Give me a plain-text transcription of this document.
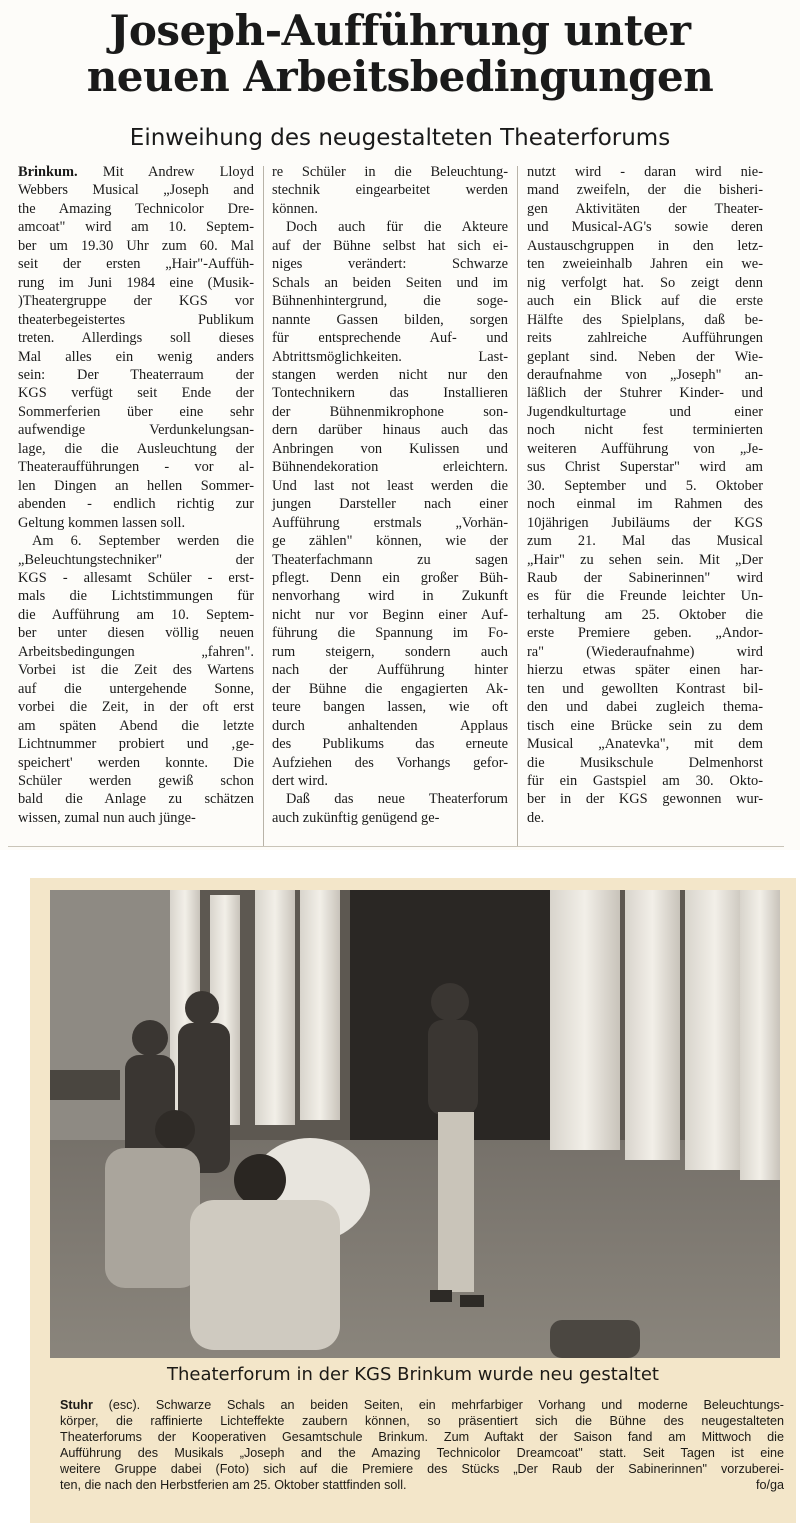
Joseph-Aufführung unter
neuen Arbeitsbedingungen
Einweihung des neugestalteten Theaterforums
Brinkum. Mit Andrew Lloyd
Webbers Musical „Joseph and
the Amazing Technicolor Dre-
amcoat" wird am 10. Septem-
ber um 19.30 Uhr zum 60. Mal
seit der ersten „Hair"-Auffüh-
rung im Juni 1984 eine (Musik-
)Theatergruppe der KGS vor
theaterbegeistertes Publikum
treten. Allerdings soll dieses
Mal alles ein wenig anders
sein: Der Theaterraum der
KGS verfügt seit Ende der
Sommerferien über eine sehr
aufwendige Verdunkelungsan-
lage, die die Ausleuchtung der
Theateraufführungen - vor al-
len Dingen an hellen Sommer-
abenden - endlich richtig zur
Geltung kommen lassen soll.
Am 6. September werden die
„Beleuchtungstechniker" der
KGS - allesamt Schüler - erst-
mals die Lichtstimmungen für
die Aufführung am 10. Septem-
ber unter diesen völlig neuen
Arbeitsbedingungen „fahren".
Vorbei ist die Zeit des Wartens
auf die untergehende Sonne,
vorbei die Zeit, in der oft erst
am späten Abend die letzte
Lichtnummer probiert und ‚ge-
speichert' werden konnte. Die
Schüler werden gewiß schon
bald die Anlage zu schätzen
wissen, zumal nun auch jünge-
re Schüler in die Beleuchtung-
stechnik eingearbeitet werden
können.
Doch auch für die Akteure
auf der Bühne selbst hat sich ei-
niges verändert: Schwarze
Schals an beiden Seiten und im
Bühnenhintergrund, die soge-
nannte Gassen bilden, sorgen
für entsprechende Auf- und
Abtrittsmöglichkeiten. Last-
stangen werden nicht nur den
Tontechnikern das Installieren
der Bühnenmikrophone son-
dern darüber hinaus auch das
Anbringen von Kulissen und
Bühnendekoration erleichtern.
Und last not least werden die
jungen Darsteller nach einer
Aufführung erstmals „Vorhän-
ge zählen" können, wie der
Theaterfachmann zu sagen
pflegt. Denn ein großer Büh-
nenvorhang wird in Zukunft
nicht nur vor Beginn einer Auf-
führung die Spannung im Fo-
rum steigern, sondern auch
nach der Aufführung hinter
der Bühne die engagierten Ak-
teure bangen lassen, wie oft
durch anhaltenden Applaus
des Publikums das erneute
Aufziehen des Vorhangs gefor-
dert wird.
Daß das neue Theaterforum
auch zukünftig genügend ge-
nutzt wird - daran wird nie-
mand zweifeln, der die bisheri-
gen Aktivitäten der Theater-
und Musical-AG's sowie deren
Austauschgruppen in den letz-
ten zweieinhalb Jahren ein we-
nig verfolgt hat. So zeigt denn
auch ein Blick auf die erste
Hälfte des Spielplans, daß be-
reits zahlreiche Aufführungen
geplant sind. Neben der Wie-
deraufnahme von „Joseph" an-
läßlich der Stuhrer Kinder- und
Jugendkulturtage und einer
noch nicht fest terminierten
weiteren Aufführung von „Je-
sus Christ Superstar" wird am
30. September und 5. Oktober
noch einmal im Rahmen des
10jährigen Jubiläums der KGS
zum 21. Mal das Musical
„Hair" zu sehen sein. Mit „Der
Raub der Sabinerinnen" wird
es für die Freunde leichter Un-
terhaltung am 25. Oktober die
erste Premiere geben. „Andor-
ra" (Wiederaufnahme) wird
hierzu etwas später einen har-
ten und gewollten Kontrast bil-
den und dabei zugleich thema-
tisch eine Brücke sein zu dem
Musical „Anatevka", mit dem
die Musikschule Delmenhorst
für ein Gastspiel am 30. Okto-
ber in der KGS gewonnen wur-
de.
Theaterforum in der KGS Brinkum wurde neu gestaltet
Stuhr (esc). Schwarze Schals an beiden Seiten, ein mehrfarbiger Vorhang und moderne Beleuchtungs-
körper, die raffinierte Lichteffekte zaubern können, so präsentiert sich die Bühne des neugestalteten
Theaterforums der Kooperativen Gesamtschule Brinkum. Zum Auftakt der Saison fand am Mittwoch die
Aufführung des Musikals „Joseph and the Amazing Technicolor Dreamcoat" statt. Seit Tagen ist eine
weitere Gruppe dabei (Foto) sich auf die Premiere des Stücks „Der Raub der Sabinerinnen" vorzuberei-
ten, die nach den Herbstferien am 25. Oktober stattfinden soll.	fo/ga
